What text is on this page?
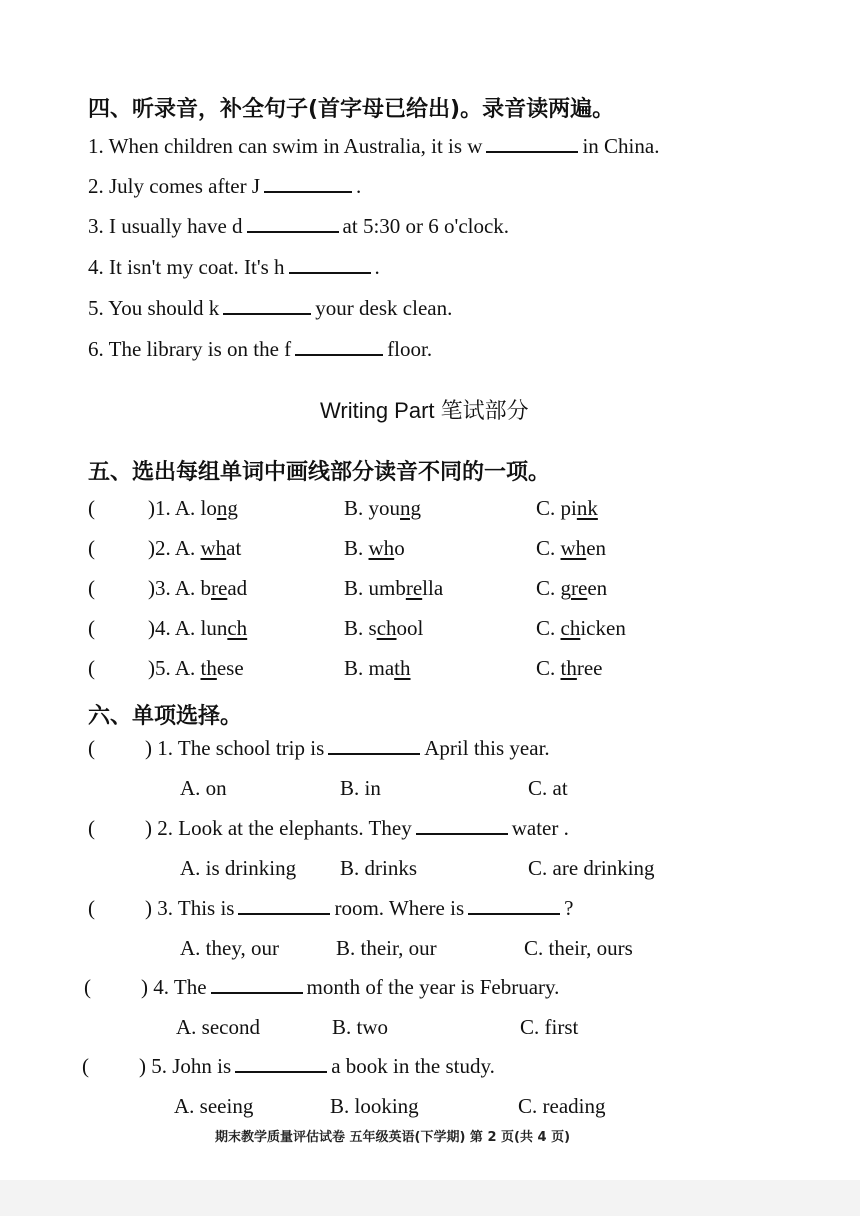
四、听录音，补全句子(首字母已给出)。录音读两遍。
1. When children can swim in Australia, it is w	in China.
2. July comes after J	.
3. I usually have d	at 5:30 or 6 o'clock.
4. It isn't my coat. It's h	.
5. You should k	your desk clean.
6. The library is on the f	floor.
Writing Part 笔试部分
五、选出每组单词中画线部分读音不同的一项。
(	)1. A. long	B. young	C. pink
(	)2. A. what	B. who	C. when
(	)3. A. bread	B. umbrella	C. green
(	)4. A. lunch	B. school	C. chicken
(	)5. A. these	B. math	C. three
六、单项选择。
( ) 1. The school trip is	April this year.
A. on	B. in	C. at
( ) 2. Look at the elephants. They	water .
A. is drinking B. drinks	C. are drinking
( ) 3. This is	room. Where is	?
A. they, our	B. their, our	C. their, ours
( ) 4. The	month of the year is February.
A. second	B. two	C. first
( ) 5. John is	a book in the study.
A. seeing	B. looking	C. reading
期末教学质量评估试卷 五年级英语(下学期) 第 2 页(共 4 页)
